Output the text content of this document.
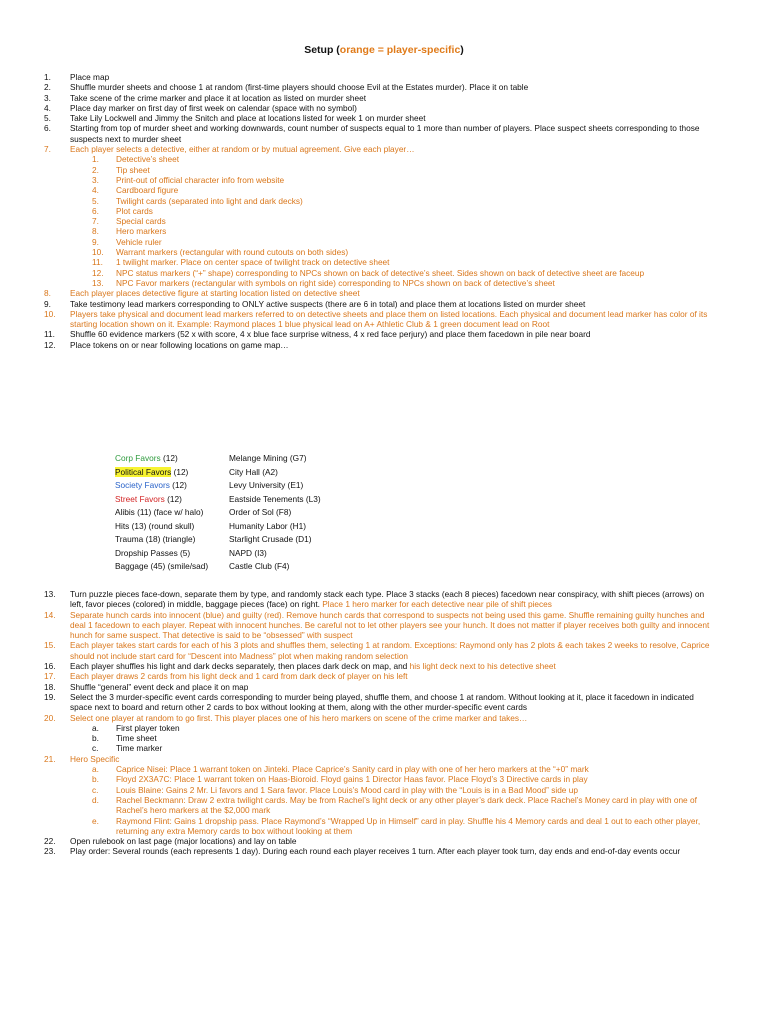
Setup (orange = player-specific)
1.	Place map
2.	Shuffle murder sheets and choose 1 at random (first-time players should choose Evil at the Estates murder). Place it on table
3.	Take scene of the crime marker and place it at location as listed on murder sheet
4.	Place day marker on first day of first week on calendar (space with no symbol)
5.	Take Lily Lockwell and Jimmy the Snitch and place at locations listed for week 1 on murder sheet
6.	Starting from top of murder sheet and working downwards, count number of suspects equal to 1 more than number of players. Place suspect sheets corresponding to those suspects next to murder sheet
7.	Each player selects a detective, either at random or by mutual agreement. Give each player…
1.	Detective’s sheet
2.	Tip sheet
3.	Print-out of official character info from website
4.	Cardboard figure
5.	Twilight cards (separated into light and dark decks)
6.	Plot cards
7.	Special cards
8.	Hero markers
9.	Vehicle ruler
10.	Warrant markers (rectangular with round cutouts on both sides)
11.	1 twilight marker. Place on center space of twilight track on detective sheet
12.	NPC status markers (“+” shape) corresponding to NPCs shown on back of detective’s sheet. Sides shown on back of detective sheet are faceup
13.	NPC Favor markers (rectangular with symbols on right side) corresponding to NPCs shown on back of detective’s sheet
8.	Each player places detective figure at starting location listed on detective sheet
9.	Take testimony lead markers corresponding to ONLY active suspects (there are 6 in total) and place them at locations listed on murder sheet
10.	Players take physical and document lead markers referred to on detective sheets and place them on listed locations. Each physical and document lead marker has color of its starting location shown on it. Example: Raymond places 1 blue physical lead on A+ Athletic Club & 1 green document lead on Root
11.	Shuffle 60 evidence markers (52 x with score, 4 x blue face surprise witness, 4 x red face perjury) and place them facedown in pile near board
12.	Place tokens on or near following locations on game map…
Corp Favors (12)	Melange Mining (G7)
Political Favors (12)	City Hall (A2)
Society Favors (12)	Levy University (E1)
Street Favors (12)	Eastside Tenements (L3)
Alibis (11) (face w/ halo)	Order of Sol (F8)
Hits (13) (round skull)	Humanity Labor (H1)
Trauma (18) (triangle)	Starlight Crusade (D1)
Dropship Passes (5)	NAPD (I3)
Baggage (45) (smile/sad)	Castle Club (F4)
13.	Turn puzzle pieces face-down, separate them by type, and randomly stack each type. Place 3 stacks (each 8 pieces) facedown near conspiracy, with shift pieces (arrows) on left, favor pieces (colored) in middle, baggage pieces (face) on right. Place 1 hero marker for each detective near pile of shift pieces
14.	Separate hunch cards into innocent (blue) and guilty (red). Remove hunch cards that correspond to suspects not being used this game. Shuffle remaining guilty hunches and deal 1 facedown to each player. Repeat with innocent hunches. Be careful not to let other players see your hunch. It does not matter if player receives both guilty and innocent hunch for same suspect. That detective is said to be “obsessed” with suspect
15.	Each player takes start cards for each of his 3 plots and shuffles them, selecting 1 at random. Exceptions: Raymond only has 2 plots & each takes 2 weeks to resolve, Caprice should not include start card for “Descent into Madness” plot when making random selection
16.	Each player shuffles his light and dark decks separately, then places dark deck on map, and his light deck next to his detective sheet
17.	Each player draws 2 cards from his light deck and 1 card from dark deck of player on his left
18.	Shuffle “general” event deck and place it on map
19.	Select the 3 murder-specific event cards corresponding to murder being played, shuffle them, and choose 1 at random. Without looking at it, place it facedown in indicated space next to board and return other 2 cards to box without looking at them, along with the other murder-specific event cards
20.	Select one player at random to go first. This player places one of his hero markers on scene of the crime marker and takes…
a.	First player token
b.	Time sheet
c.	Time marker
21.	Hero Specific
a.	Caprice Nisei: Place 1 warrant token on Jinteki. Place Caprice’s Sanity card in play with one of her hero markers at the “+0” mark
b.	Floyd 2X3A7C: Place 1 warrant token on Haas-Bioroid. Floyd gains 1 Director Haas favor. Place Floyd’s 3 Directive cards in play
c.	Louis Blaine: Gains 2 Mr. Li favors and 1 Sara favor. Place Louis’s Mood card in play with the “Louis is in a Bad Mood” side up
d.	Rachel Beckmann: Draw 2 extra twilight cards. May be from Rachel’s light deck or any other player’s dark deck. Place Rachel’s Money card in play with one of Rachel’s hero markers at the $2,000 mark
e.	Raymond Flint: Gains 1 dropship pass. Place Raymond’s “Wrapped Up in Himself” card in play. Shuffle his 4 Memory cards and deal 1 out to each other player, returning any extra Memory cards to box without looking at them
22.	Open rulebook on last page (major locations) and lay on table
23.	Play order: Several rounds (each represents 1 day). During each round each player receives 1 turn. After each player took turn, day ends and end-of-day events occur
